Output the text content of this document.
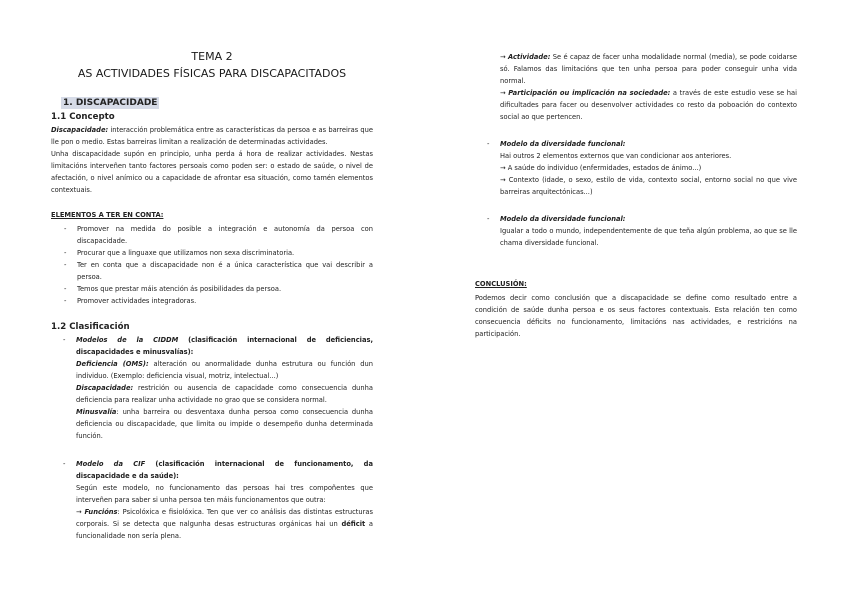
TEMA 2
AS ACTIVIDADES FÍSICAS PARA DISCAPACITADOS
1. DISCAPACIDADE
1.1 Concepto
Discapacidade: interacción problemática entre as características da persoa e as barreiras que lle pon o medio. Estas barreiras limitan a realización de determinadas actividades.
Unha discapacidade supón en principio, unha perda á hora de realizar actividades. Nestas limitacións interveñen tanto factores persoais como poden ser: o estado de saúde, o nivel de afectación, o nivel anímico ou a capacidade de afrontar esa situación, como tamén elementos contextuais.
ELEMENTOS A TER EN CONTA:
- Promover na medida do posible a integración e autonomía da persoa con discapacidade.
- Procurar que a linguaxe que utilizamos non sexa discriminatoria.
- Ter en conta que a discapacidade non é a única característica que vai describir a persoa.
- Temos que prestar máis atención ás posibilidades da persoa.
- Promover actividades integradoras.
1.2 Clasificación
- Modelos de la CIDDM (clasificación internacional de deficiencias, discapacidades e minusvalías):
Deficiencia (OMS): alteración ou anormalidade dunha estrutura ou función dun individuo. (Exemplo: deficiencia visual, motriz, intelectual...)
Discapacidade: restrición ou ausencia de capacidade como consecuencia dunha deficiencia para realizar unha actividade no grao que se considera normal.
Minusvalía: unha barreira ou desventaxa dunha persoa como consecuencia dunha deficiencia ou discapacidade, que limita ou impide o desempeño dunha determinada función.
- Modelo da CIF (clasificación internacional de funcionamento, da discapacidade e da saúde):
Según este modelo, no funcionamento das persoas hai tres compoñentes que interveñen para saber si unha persoa ten máis funcionamentos que outra:
→ Funcións: Psicolóxica e fisiolóxica. Ten que ver co análisis das distintas estructuras corporais. Si se detecta que nalgunha desas estructuras orgánicas hai un déficit a funcionalidade non sería plena.
→ Actividade: Se é capaz de facer unha modalidade normal (media), se pode coidarse só. Falamos das limitacións que ten unha persoa para poder conseguir unha vida normal.
→ Participación ou implicación na sociedade: a través de este estudio vese se hai dificultades para facer ou desenvolver actividades co resto da poboación do contexto social ao que pertencen.
- Modelo da diversidade funcional:
Hai outros 2 elementos externos que van condicionar aos anteriores.
→ A saúde do individuo (enfermidades, estados de ánimo...)
→ Contexto (idade, o sexo, estilo de vida, contexto social, entorno social no que vive barreiras arquitectónicas...)
- Modelo da diversidade funcional:
Igualar a todo o mundo, independentemente de que teña algún problema, ao que se lle chama diversidade funcional.
CONCLUSIÓN:
Podemos decir como conclusión que a discapacidade se define como resultado entre a condición de saúde dunha persoa e os seus factores contextuais. Esta relación ten como consecuencia déficits no funcionamento, limitacións nas actividades, e restricións na participación.
